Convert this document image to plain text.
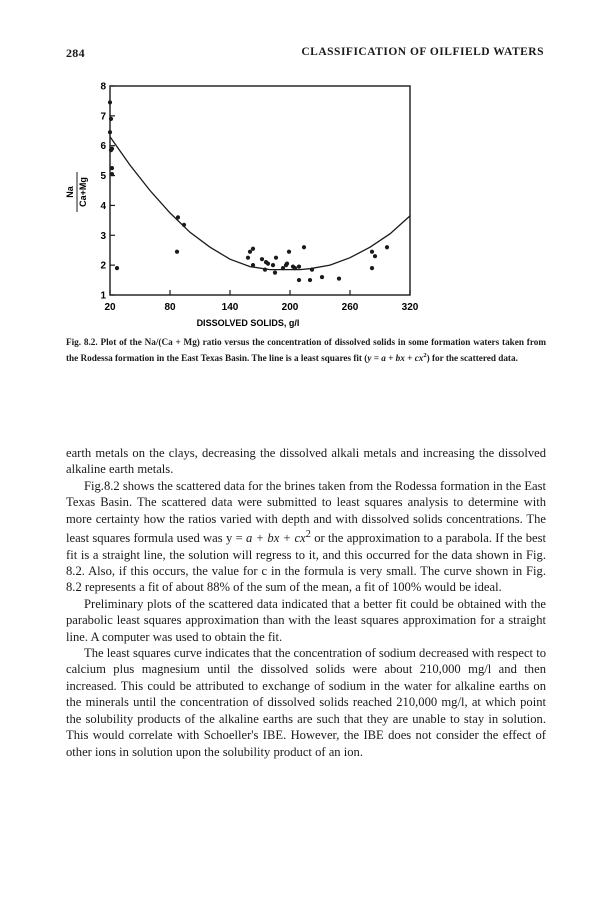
284	CLASSIFICATION OF OILFIELD WATERS
20	80	140	200	260	320
1
2
3
4
5
6
7
8
DISSOLVED SOLIDS, g/l
Na Ca+Mg
Fig. 8.2. Plot of the Na/(Ca + Mg) ratio versus the concentration of dissolved solids in some formation waters taken from the Rodessa formation in the East Texas Basin. The line is a least squares fit (y = a + bx + $cx^2$) for the scattered data.

earth metals on the clays, decreasing the dissolved alkali metals and increasing the dissolved alkaline earth metals.

Fig.8.2 shows the scattered data for the brines taken from the Rodessa formation in the East Texas Basin. The scattered data were submitted to least squares analysis to determine with more certainty how the ratios varied with depth and with dissolved solids concentrations. The least squares formula used was y = a + bx + $cx^2$ or the approximation to a parabola. If the best fit is a straight line, the solution will regress to it, and this occurred for the data shown in Fig. 8.2. Also, if this occurs, the value for c in the formula is very small. The curve shown in Fig. 8.2 represents a fit of about 88% of the sum of the mean, a fit of 100% would be ideal.

Preliminary plots of the scattered data indicated that a better fit could be obtained with the parabolic least squares approximation than with the least squares approximation for a straight line. A computer was used to obtain the fit.

The least squares curve indicates that the concentration of sodium decreased with respect to calcium plus magnesium until the dissolved solids were about 210,000 mg/l and then increased. This could be attributed to exchange of sodium in the water for alkaline earths on the minerals until the concentration of dissolved solids reached 210,000 mg/l, at which point the solubility products of the alkaline earths are such that they are unable to stay in solution. This would correlate with Schoeller's IBE. However, the IBE does not consider the effect of other ions in solution upon the solubility product of an ion.
